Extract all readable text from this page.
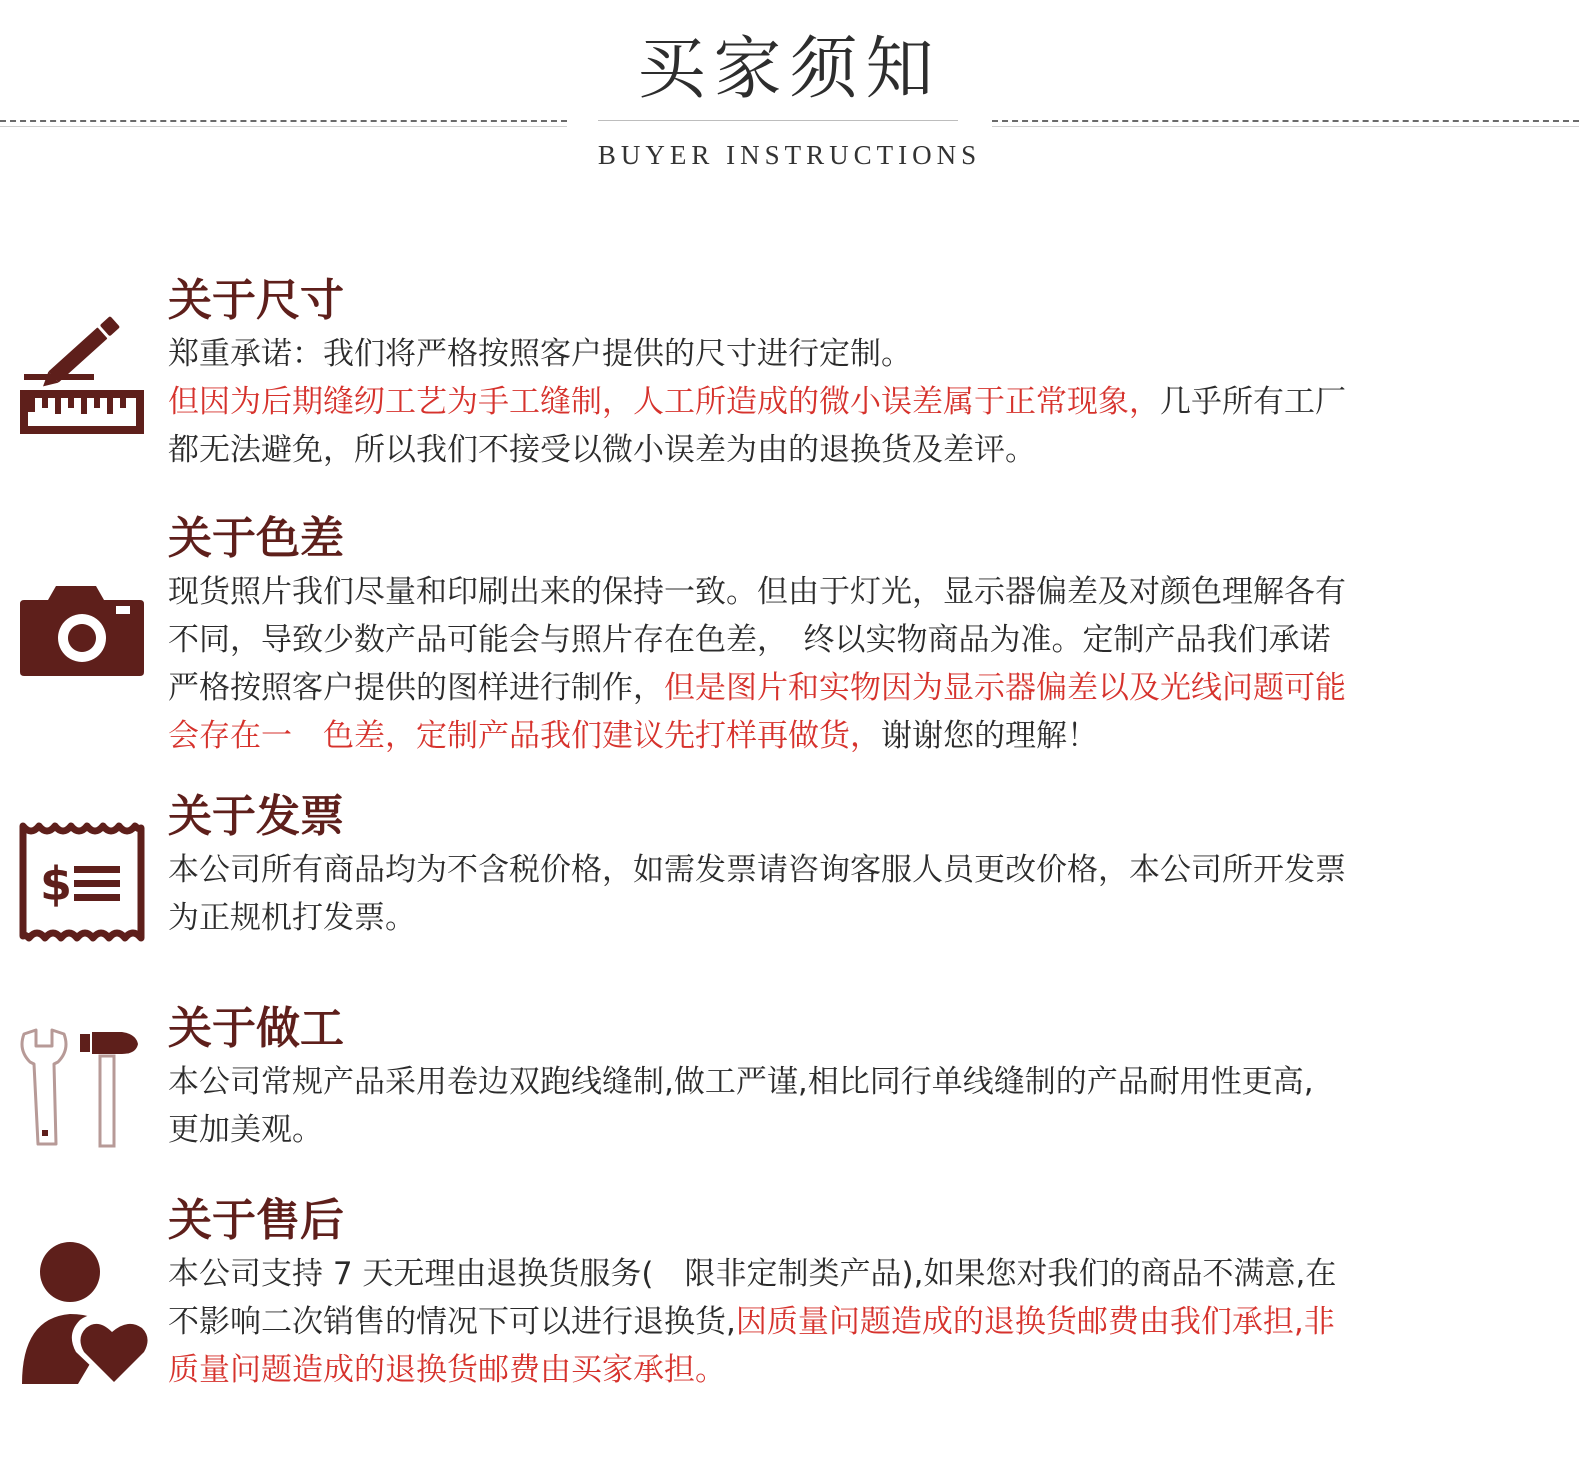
买家须知
BUYER INSTRUCTIONS
关于尺寸
郑重承诺：我们将严格按照客户提供的尺寸进行定制。
但因为后期缝纫工艺为手工缝制，人工所造成的微小误差属于正常现象，几乎所有工厂
都无法避免，所以我们不接受以微小误差为由的退换货及差评。
关于色差
现货照片我们尽量和印刷出来的保持一致。但由于灯光，显示器偏差及对颜色理解各有
不同，导致少数产品可能会与照片存在色差，　终以实物商品为准。定制产品我们承诺
严格按照客户提供的图样进行制作，但是图片和实物因为显示器偏差以及光线问题可能
会存在一　色差，定制产品我们建议先打样再做货，谢谢您的理解！
$
关于发票
本公司所有商品均为不含税价格，如需发票请咨询客服人员更改价格，本公司所开发票
为正规机打发票。
关于做工
本公司常规产品采用卷边双跑线缝制,做工严谨,相比同行单线缝制的产品耐用性更高,
更加美观。
关于售后
本公司支持 7 天无理由退换货服务(　限非定制类产品),如果您对我们的商品不满意,在
不影响二次销售的情况下可以进行退换货,因质量问题造成的退换货邮费由我们承担,非
质量问题造成的退换货邮费由买家承担。
